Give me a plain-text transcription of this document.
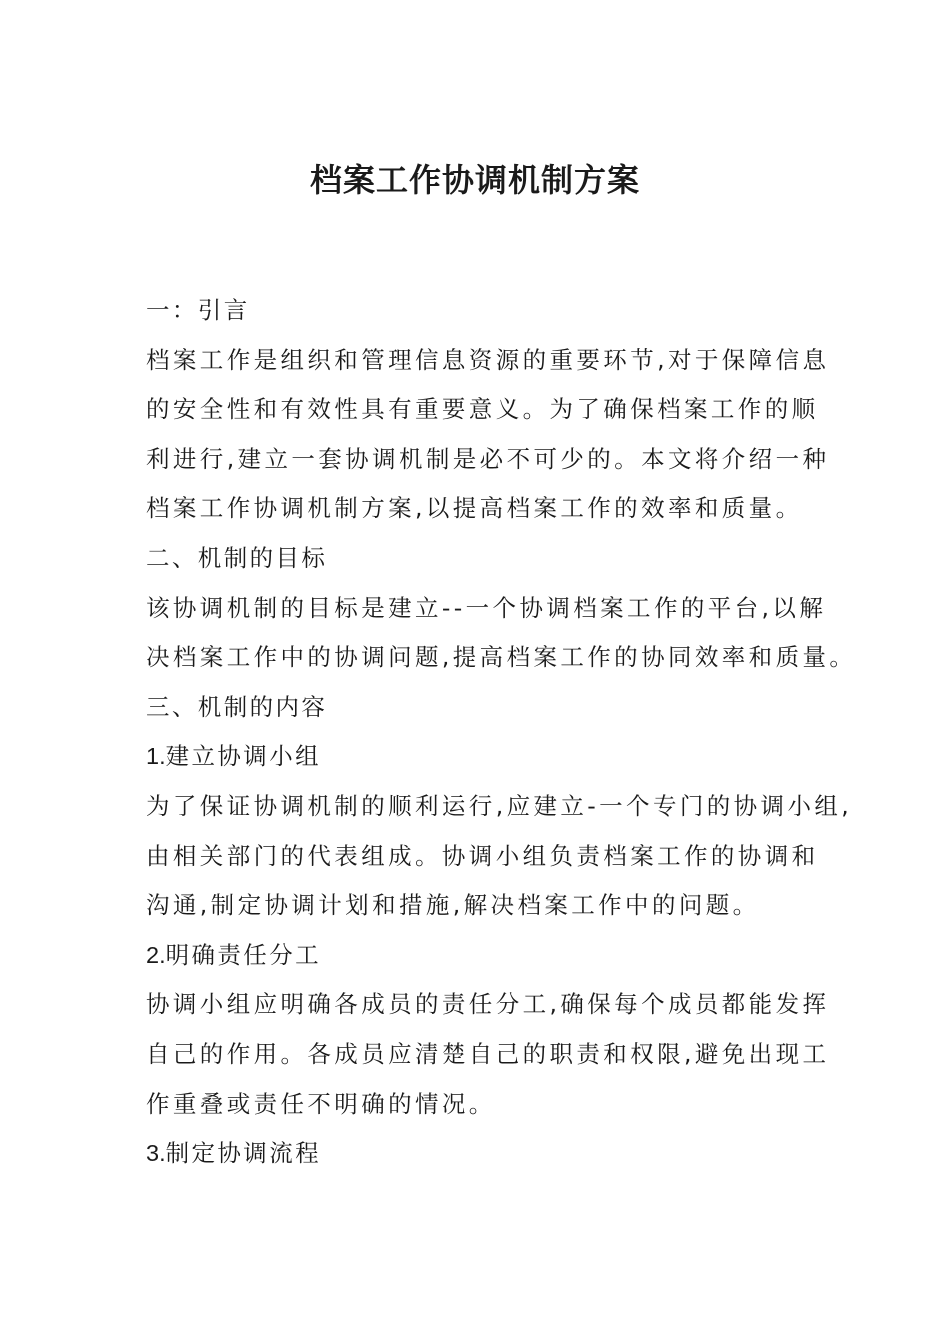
档案工作协调机制方案

一：引言

档案工作是组织和管理信息资源的重要环节,对于保障信息

的安全性和有效性具有重要意义。为了确保档案工作的顺

利进行,建立一套协调机制是必不可少的。本文将介绍一种

档案工作协调机制方案,以提高档案工作的效率和质量。

二、机制的目标

该协调机制的目标是建立--一个协调档案工作的平台,以解

决档案工作中的协调问题,提高档案工作的协同效率和质量。

三、机制的内容

1.建立协调小组

为了保证协调机制的顺利运行,应建立-一个专门的协调小组,

由相关部门的代表组成。协调小组负责档案工作的协调和

沟通,制定协调计划和措施,解决档案工作中的问题。

2.明确责任分工

协调小组应明确各成员的责任分工,确保每个成员都能发挥

自己的作用。各成员应清楚自己的职责和权限,避免出现工

作重叠或责任不明确的情况。

3.制定协调流程
